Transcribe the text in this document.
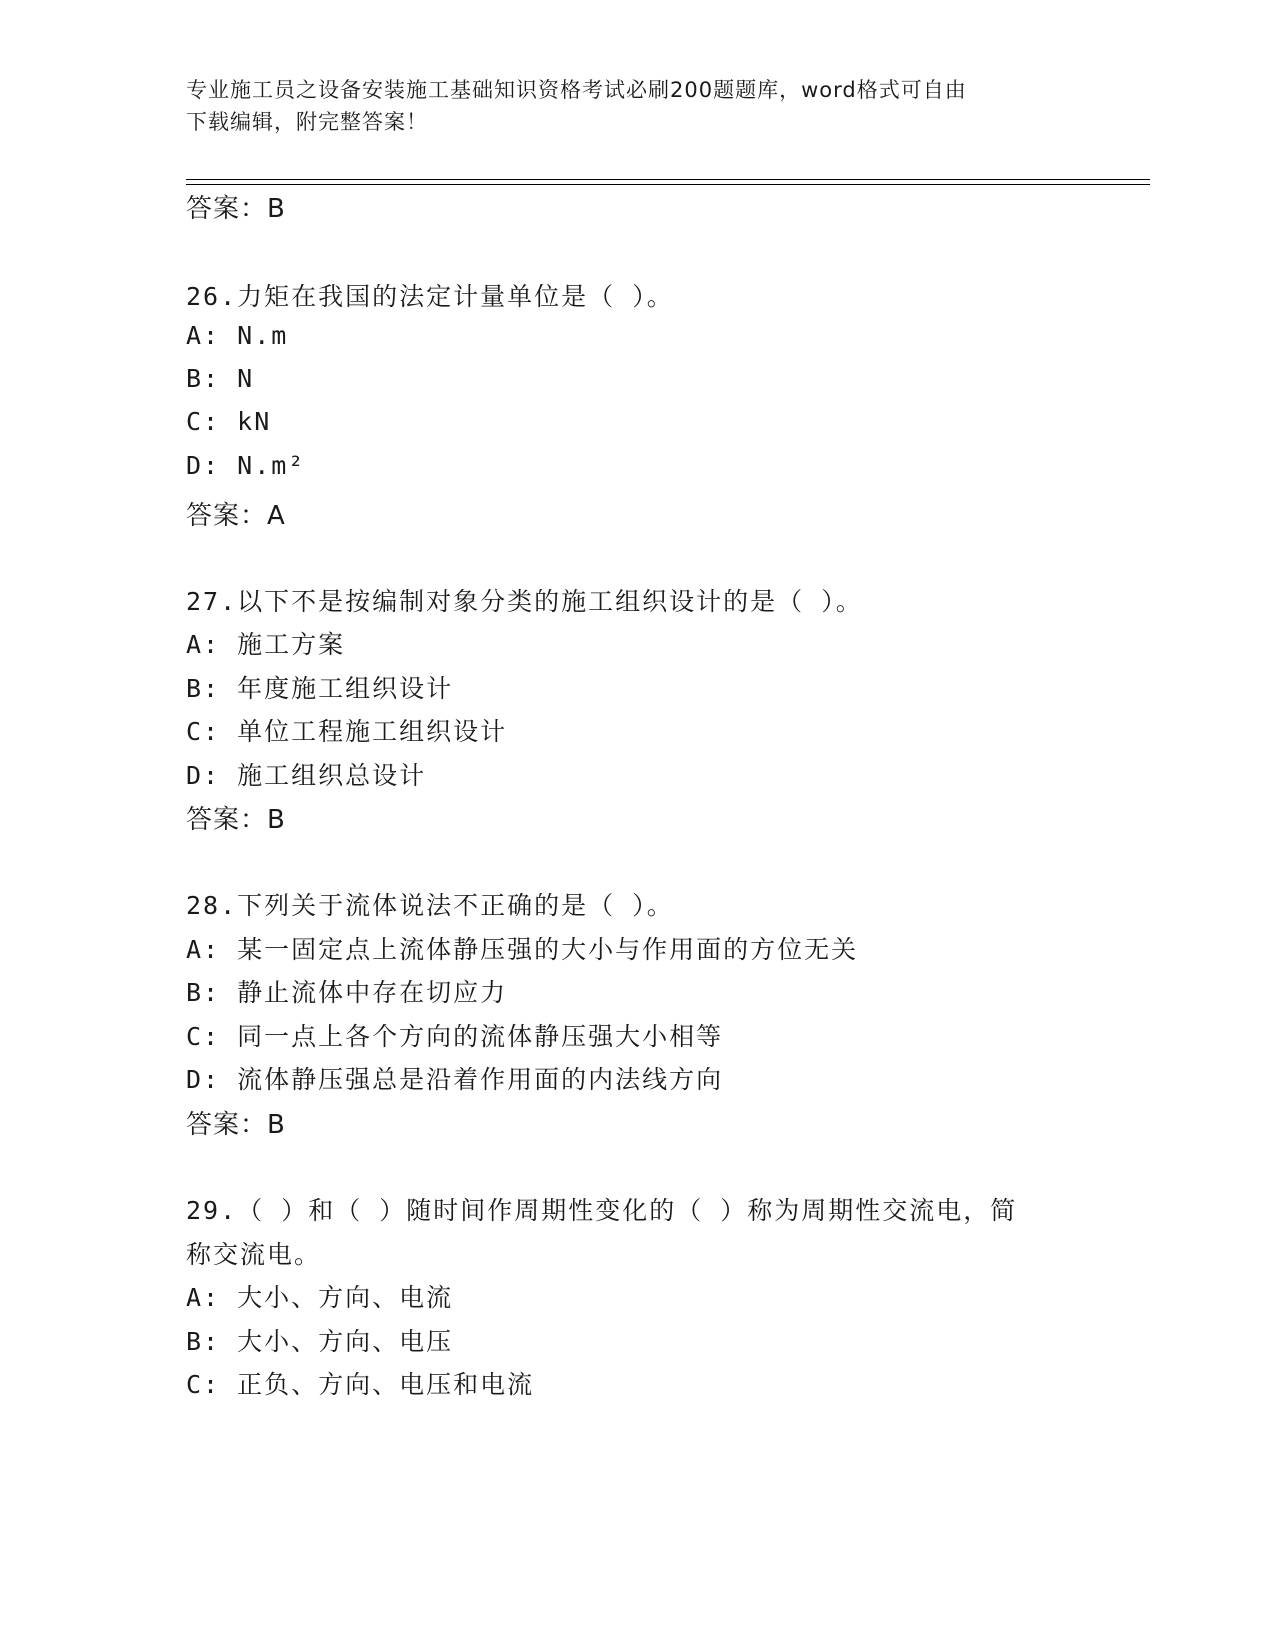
专业施工员之设备安装施工基础知识资格考试必刷200题题库，word格式可自由
下载编辑，附完整答案！
答案：B
26.力矩在我国的法定计量单位是（ ）。
A: N.m
B: N
C: kN
D: N.m²
答案：A
27.以下不是按编制对象分类的施工组织设计的是（ ）。
A: 施工方案
B: 年度施工组织设计
C: 单位工程施工组织设计
D: 施工组织总设计
答案：B
28.下列关于流体说法不正确的是（ ）。
A: 某一固定点上流体静压强的大小与作用面的方位无关
B: 静止流体中存在切应力
C: 同一点上各个方向的流体静压强大小相等
D: 流体静压强总是沿着作用面的内法线方向
答案：B
29.（ ）和（ ）随时间作周期性变化的（ ）称为周期性交流电，简
称交流电。
A: 大小、方向、电流
B: 大小、方向、电压
C: 正负、方向、电压和电流
